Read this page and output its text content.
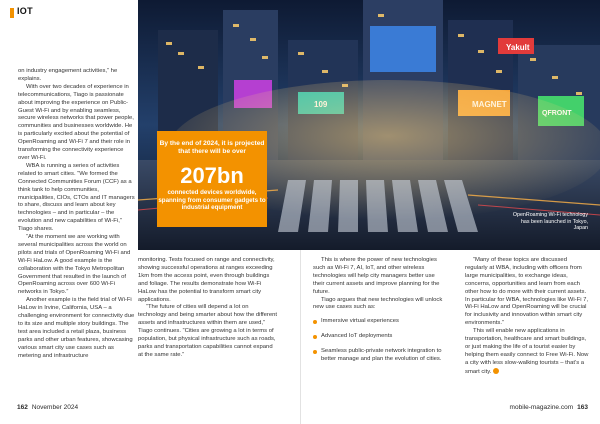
IOT

on industry engagement activities,” he explains.

With over two decades of experience in telecommunications, Tiago is passionate about improving the experience on Public-Guest Wi-Fi and by enabling seamless, secure wireless networks that power people, communities and businesses worldwide. He is particularly excited about the potential of OpenRoaming and Wi-Fi 7 and their role in transforming the connectivity experience over Wi-Fi.

WBA is running a series of activities related to smart cities. “We formed the Connected Communities Forum (CCF) as a think tank to help communities, municipalities, CIOs, CTOs and IT managers to share, discuss and learn about key technologies – and in particular – the evolution and new capabilities of Wi-Fi,” Tiago shares.

“At the moment we are working with several municipalities across the world on pilots and trials of OpenRoaming Wi-Fi and Wi-Fi HaLow. A good example is the collaboration with the Tokyo Metropolitan Government that resulted in the launch of OpenRoaming across over 600 Wi-Fi networks in Tokyo.”

Another example is the field trial of Wi-Fi HaLow in Irvine, California, USA – a challenging environment for connectivity due to its size and multiple story buildings. The test area included a retail plaza, business parks and other urban features, showcasing various smart city use cases such as metering and infrastructure

Yakult
OpenRoaming Wi-Fi technology has been launched in Tokyo, Japan
By the end of 2024, it is projected that there will be over
207bn
connected devices worldwide, spanning from consumer gadgets to industrial equipment

monitoring. Tests focused on range and connectivity, showing successful operations at ranges exceeding 1km from the access point, even through buildings and foliage. The results demonstrate how Wi-Fi HaLow has the potential to transform smart city applications.

“The future of cities will depend a lot on technology and being smarter about how the different assets and infrastructures within them are used,” Tiago continues. “Cities are growing a lot in terms of population, but physical infrastructure such as roads, parks and transportation capabilities cannot expand at the same rate.”

This is where the power of new technologies such as Wi-Fi 7, AI, IoT, and other wireless technologies will help city managers better use their current assets and improve planning for the future.

Tiago argues that new technologies will unlock new use cases such as:

Immersive virtual experiences
Advanced IoT deployments
Seamless public-private network integration to better manage and plan the evolution of cities.

“Many of these topics are discussed regularly at WBA, including with officers from large municipalities, to exchange ideas, concerns, opportunities and learn from each other how to do more with their current assets. In particular for WBA, technologies like Wi-Fi 7, Wi-Fi HaLow and OpenRoaming will be crucial for inclusivity and innovation within smart city environments.”

This will enable new applications in transportation, healthcare and smart buildings, or just making the life of a tourist easier by helping them easily connect to Free Wi-Fi. Now a city with less slow-walking tourists – that’s a smart city.

162 November 2024	mobile-magazine.com 163
